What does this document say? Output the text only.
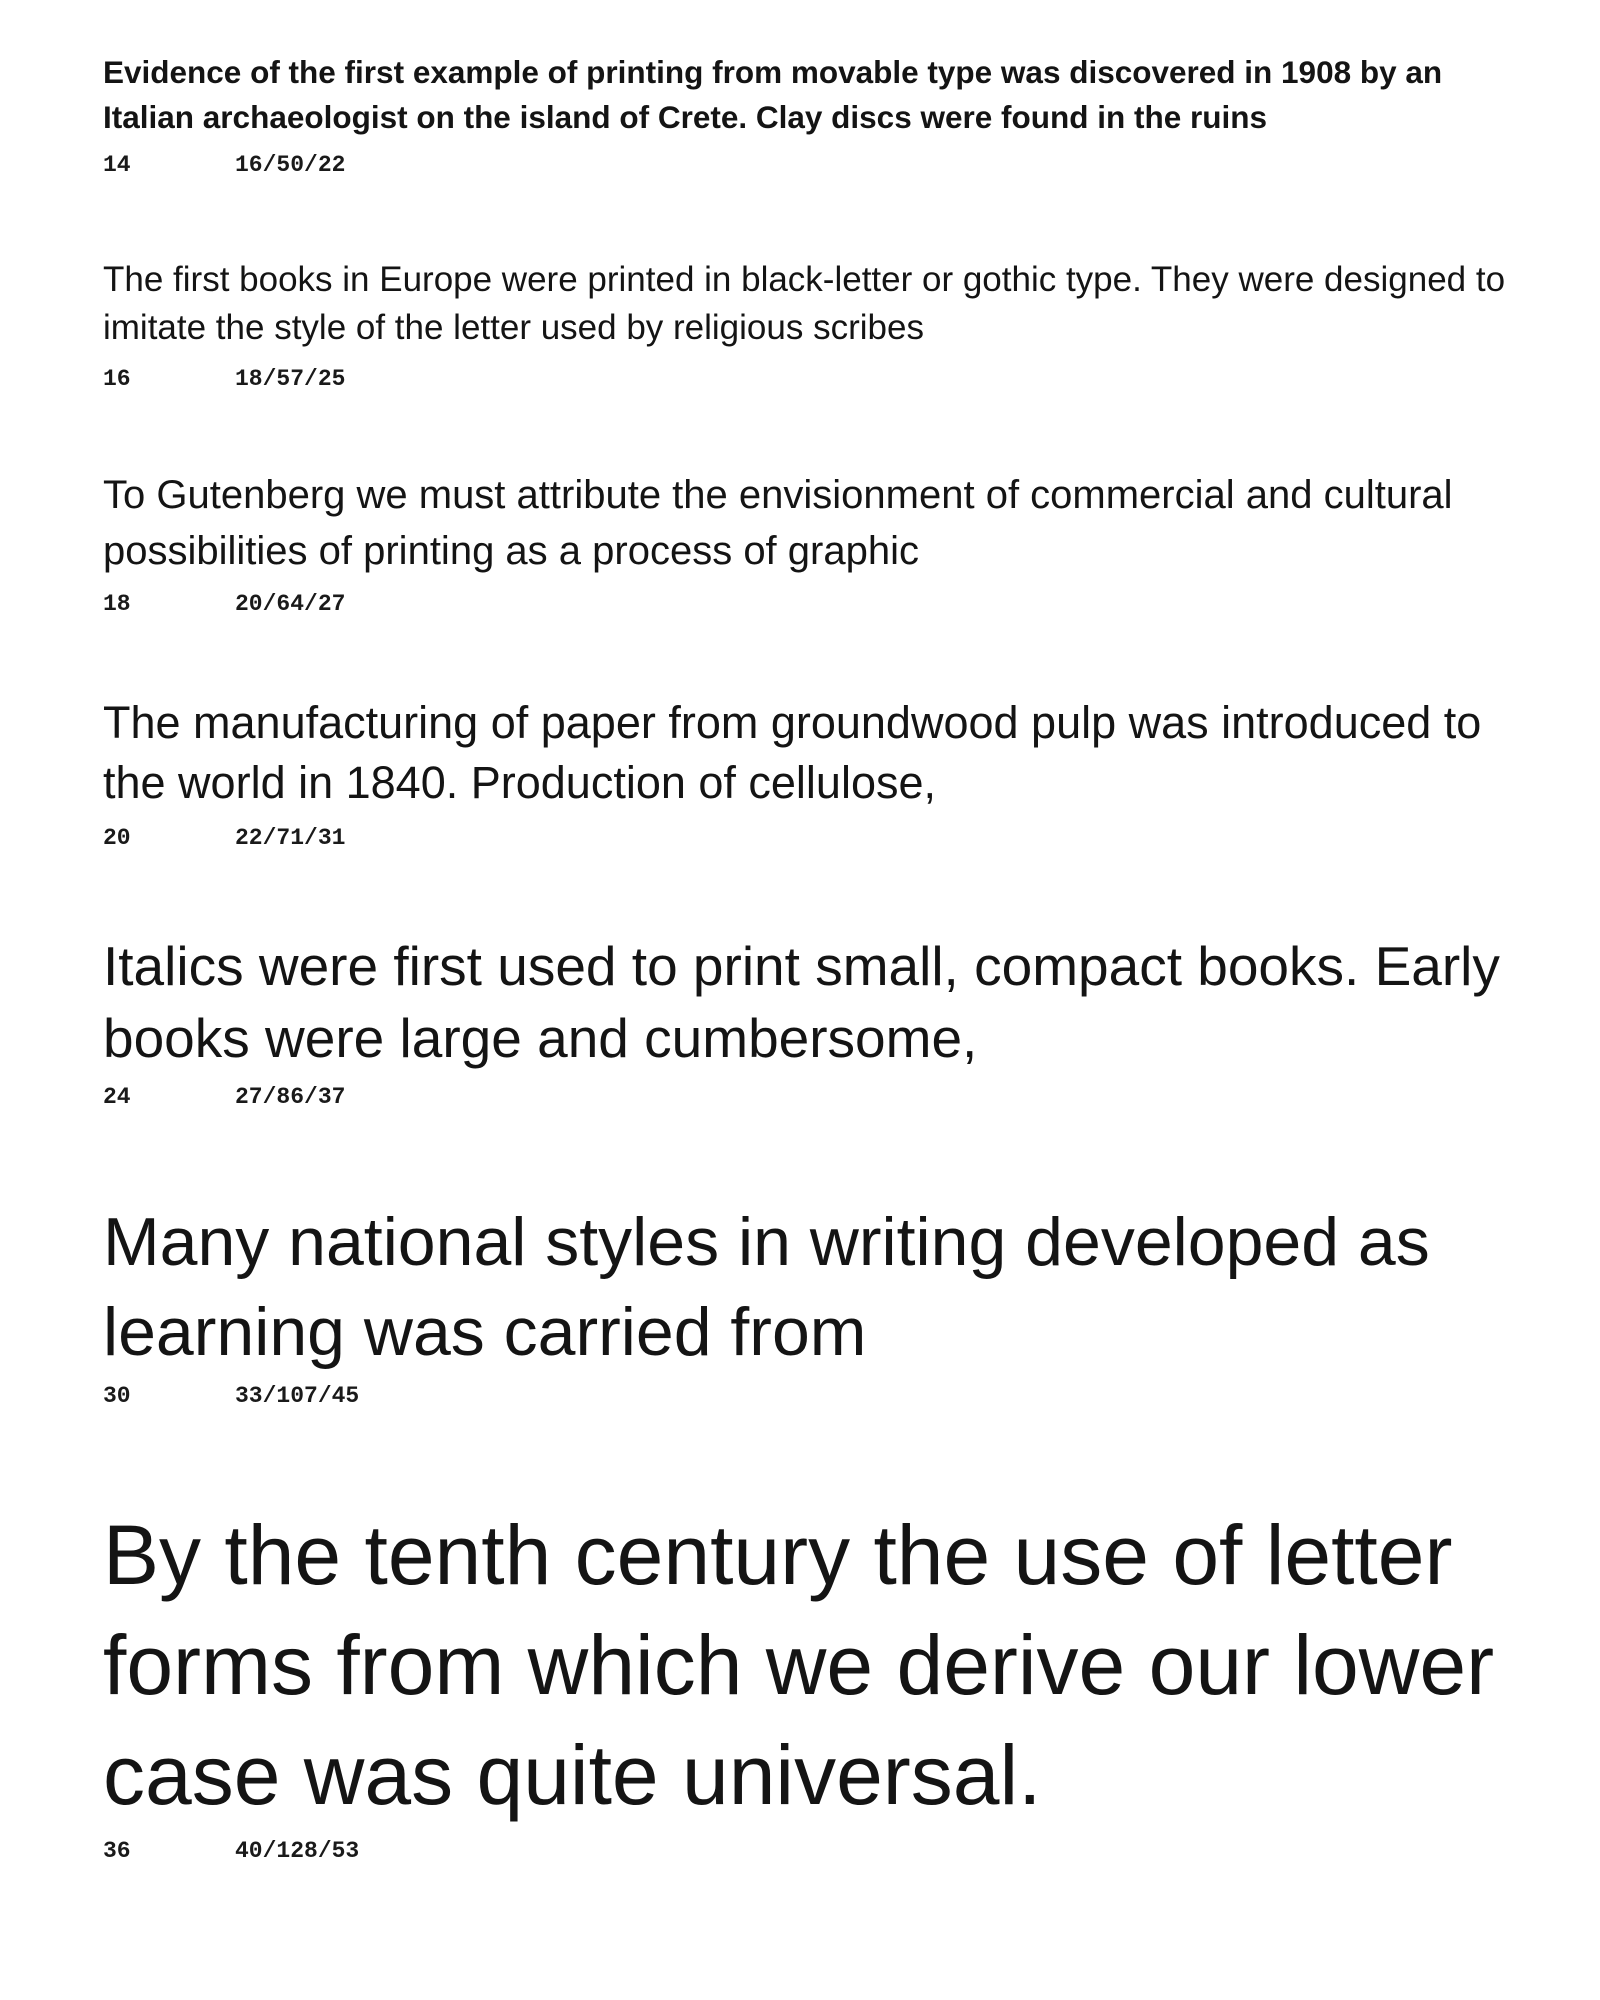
Evidence of the first example of printing from movable type was discovered in 1908 by an Italian archaeologist on the island of Crete. Clay discs were found in the ruins

14	16/50/22

The first books in Europe were printed in black-letter or gothic type. They were designed to imitate the style of the letter used by religious scribes

16	18/57/25

To Gutenberg we must attribute the envisionment of commercial and cultural possibilities of printing as a process of graphic

18	20/64/27

The manufacturing of paper from groundwood pulp was introduced to the world in 1840. Production of cellulose,

20	22/71/31

Italics were first used to print small, compact books. Early books were large and cumbersome,

24	27/86/37

Many national styles in writing developed as learning was carried from

30	33/107/45

By the tenth century the use of letter forms from which we derive our lower case was quite universal.

36	40/128/53
